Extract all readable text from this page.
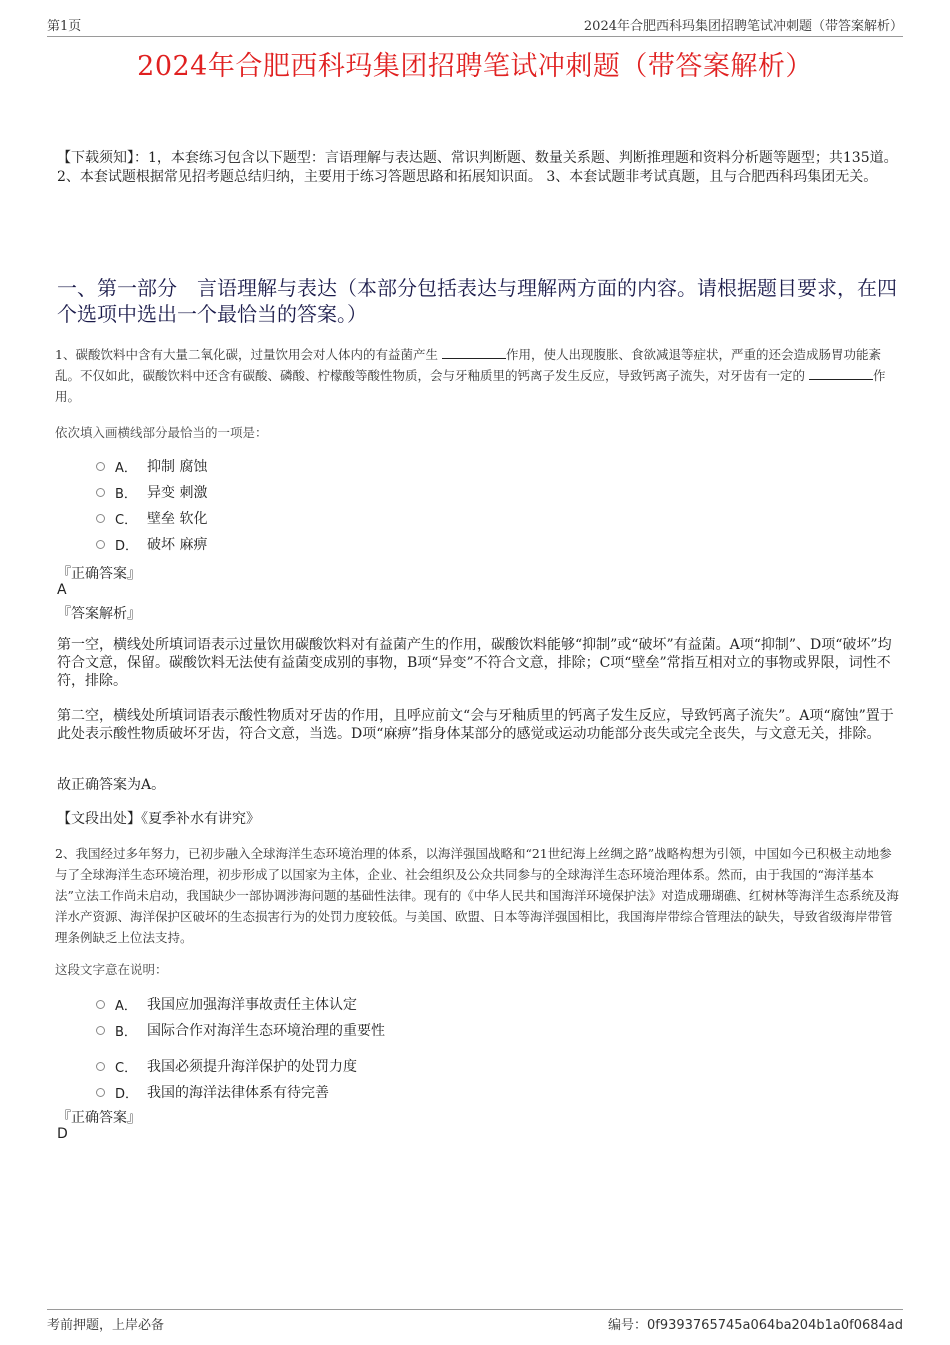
第1页	2024年合肥西科玛集团招聘笔试冲刺题（带答案解析）
2024年合肥西科玛集团招聘笔试冲刺题（带答案解析）
【下载须知】：1，本套练习包含以下题型：言语理解与表达题、常识判断题、数量关系题、判断推理题和资料分析题等题型；共135道。 2、本套试题根据常见招考题总结归纳，主要用于练习答题思路和拓展知识面。 3、本套试题非考试真题，且与合肥西科玛集团无关。
一、第一部分　言语理解与表达（本部分包括表达与理解两方面的内容。请根据题目要求，在四个选项中选出一个最恰当的答案。）
1、碳酸饮料中含有大量二氧化碳，过量饮用会对人体内的有益菌产生	作用，使人出现腹胀、食欲减退等症状，严重的还会造成肠胃功能紊乱。不仅如此，碳酸饮料中还含有碳酸、磷酸、柠檬酸等酸性物质，会与牙釉质里的钙离子发生反应，导致钙离子流失，对牙齿有一定的	作用。
依次填入画横线部分最恰当的一项是：
A． 抑制 腐蚀
B． 异变 刺激
C． 壁垒 软化
D． 破坏 麻痹
『正确答案』
A
『答案解析』
第一空，横线处所填词语表示过量饮用碳酸饮料对有益菌产生的作用，碳酸饮料能够“抑制”或“破坏”有益菌。A项“抑制”、D项“破坏”均符合文意，保留。碳酸饮料无法使有益菌变成别的事物，B项“异变”不符合文意，排除；C项“壁垒”常指互相对立的事物或界限，词性不符，排除。
第二空，横线处所填词语表示酸性物质对牙齿的作用，且呼应前文“会与牙釉质里的钙离子发生反应，导致钙离子流失”。A项“腐蚀”置于此处表示酸性物质破坏牙齿，符合文意，当选。D项“麻痹”指身体某部分的感觉或运动功能部分丧失或完全丧失，与文意无关，排除。
故正确答案为A。
【文段出处】《夏季补水有讲究》
2、我国经过多年努力，已初步融入全球海洋生态环境治理的体系，以海洋强国战略和“21世纪海上丝绸之路”战略构想为引领，中国如今已积极主动地参与了全球海洋生态环境治理，初步形成了以国家为主体，企业、社会组织及公众共同参与的全球海洋生态环境治理体系。然而，由于我国的“海洋基本法”立法工作尚未启动，我国缺少一部协调涉海问题的基础性法律。现有的《中华人民共和国海洋环境保护法》对造成珊瑚礁、红树林等海洋生态系统及海洋水产资源、海洋保护区破坏的生态损害行为的处罚力度较低。与美国、欧盟、日本等海洋强国相比，我国海岸带综合管理法的缺失，导致省级海岸带管理条例缺乏上位法支持。
这段文字意在说明：
A． 我国应加强海洋事故责任主体认定
B． 国际合作对海洋生态环境治理的重要性
C． 我国必须提升海洋保护的处罚力度
D． 我国的海洋法律体系有待完善
『正确答案』
D
考前押题，上岸必备	编号：0f9393765745a064ba204b1a0f0684ad
